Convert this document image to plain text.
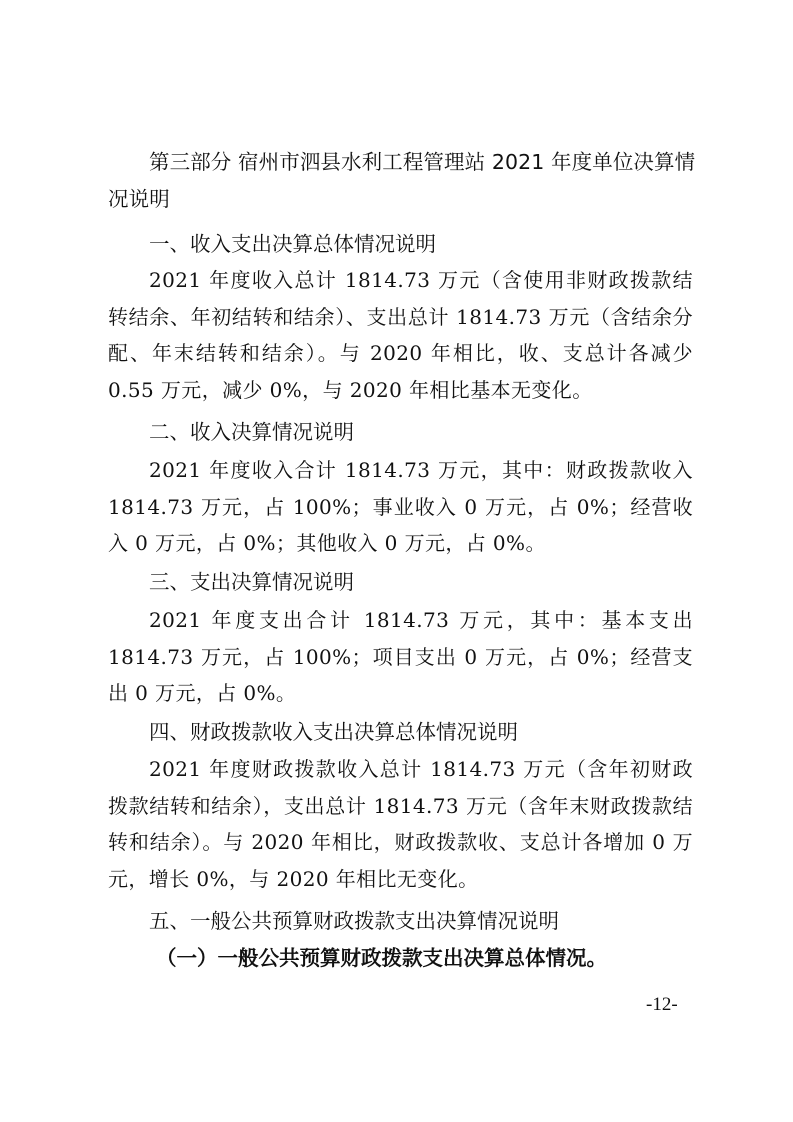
第三部分 宿州市泗县水利工程管理站 2021 年度单位决算情况说明

一、收入支出决算总体情况说明

2021 年度收入总计 1814.73 万元（含使用非财政拨款结转结余、年初结转和结余）、支出总计 1814.73 万元（含结余分配、年末结转和结余）。与 2020 年相比，收、支总计各减少 0.55 万元，减少 0%，与 2020 年相比基本无变化。

二、收入决算情况说明

2021 年度收入合计 1814.73 万元，其中：财政拨款收入 1814.73 万元，占 100%；事业收入 0 万元，占 0%；经营收入 0 万元，占 0%；其他收入 0 万元，占 0%。

三、支出决算情况说明

2021 年度支出合计 1814.73 万元，其中：基本支出 1814.73 万元，占 100%；项目支出 0 万元，占 0%；经营支出 0 万元，占 0%。

四、财政拨款收入支出决算总体情况说明

2021 年度财政拨款收入总计 1814.73 万元（含年初财政拨款结转和结余），支出总计 1814.73 万元（含年末财政拨款结转和结余）。与 2020 年相比，财政拨款收、支总计各增加 0 万元，增长 0%，与 2020 年相比无变化。

五、一般公共预算财政拨款支出决算情况说明

（一）一般公共预算财政拨款支出决算总体情况。

-12-
